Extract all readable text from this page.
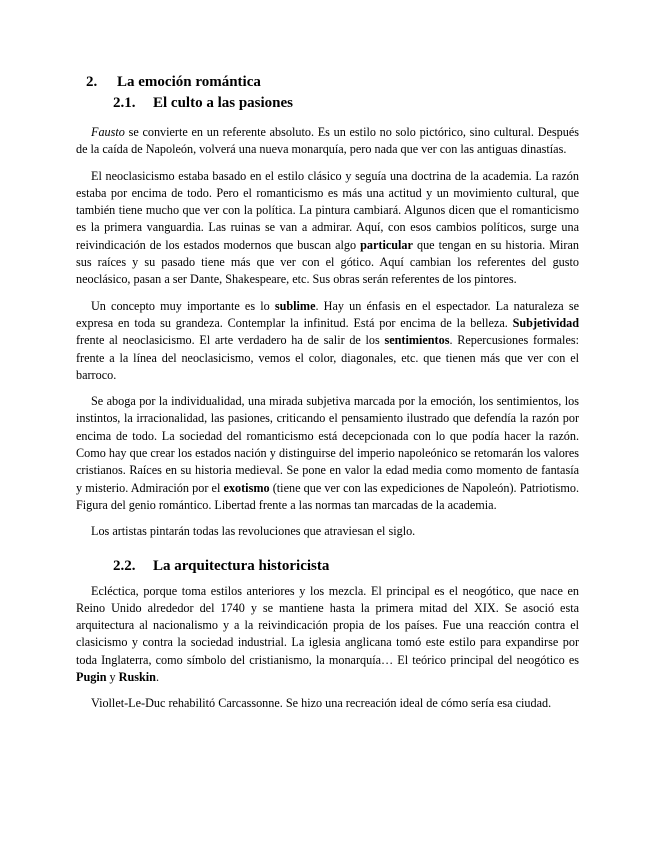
2. La emoción romántica
2.1. El culto a las pasiones

Fausto se convierte en un referente absoluto. Es un estilo no solo pictórico, sino cultural. Después de la caída de Napoleón, volverá una nueva monarquía, pero nada que ver con las antiguas dinastías.

El neoclasicismo estaba basado en el estilo clásico y seguía una doctrina de la academia. La razón estaba por encima de todo. Pero el romanticismo es más una actitud y un movimiento cultural, que también tiene mucho que ver con la política. La pintura cambiará. Algunos dicen que el romanticismo es la primera vanguardia. Las ruinas se van a admirar. Aquí, con esos cambios políticos, surge una reivindicación de los estados modernos que buscan algo particular que tengan en su historia. Miran sus raíces y su pasado tiene más que ver con el gótico. Aquí cambian los referentes del gusto neoclásico, pasan a ser Dante, Shakespeare, etc. Sus obras serán referentes de los pintores.

Un concepto muy importante es lo sublime. Hay un énfasis en el espectador. La naturaleza se expresa en toda su grandeza. Contemplar la infinitud. Está por encima de la belleza. Subjetividad frente al neoclasicismo. El arte verdadero ha de salir de los sentimientos. Repercusiones formales: frente a la línea del neoclasicismo, vemos el color, diagonales, etc. que tienen más que ver con el barroco.

Se aboga por la individualidad, una mirada subjetiva marcada por la emoción, los sentimientos, los instintos, la irracionalidad, las pasiones, criticando el pensamiento ilustrado que defendía la razón por encima de todo. La sociedad del romanticismo está decepcionada con lo que podía hacer la razón. Como hay que crear los estados nación y distinguirse del imperio napoleónico se retomarán los valores cristianos. Raíces en su historia medieval. Se pone en valor la edad media como momento de fantasía y misterio. Admiración por el exotismo (tiene que ver con las expediciones de Napoleón). Patriotismo. Figura del genio romántico. Libertad frente a las normas tan marcadas de la academia.

Los artistas pintarán todas las revoluciones que atraviesan el siglo.

2.2. La arquitectura historicista

Ecléctica, porque toma estilos anteriores y los mezcla. El principal es el neogótico, que nace en Reino Unido alrededor del 1740 y se mantiene hasta la primera mitad del XIX. Se asoció esta arquitectura al nacionalismo y a la reivindicación propia de los países. Fue una reacción contra el clasicismo y contra la sociedad industrial. La iglesia anglicana tomó este estilo para expandirse por toda Inglaterra, como símbolo del cristianismo, la monarquía… El teórico principal del neogótico es Pugin y Ruskin.

Viollet-Le-Duc rehabilitó Carcassonne. Se hizo una recreación ideal de cómo sería esa ciudad.
